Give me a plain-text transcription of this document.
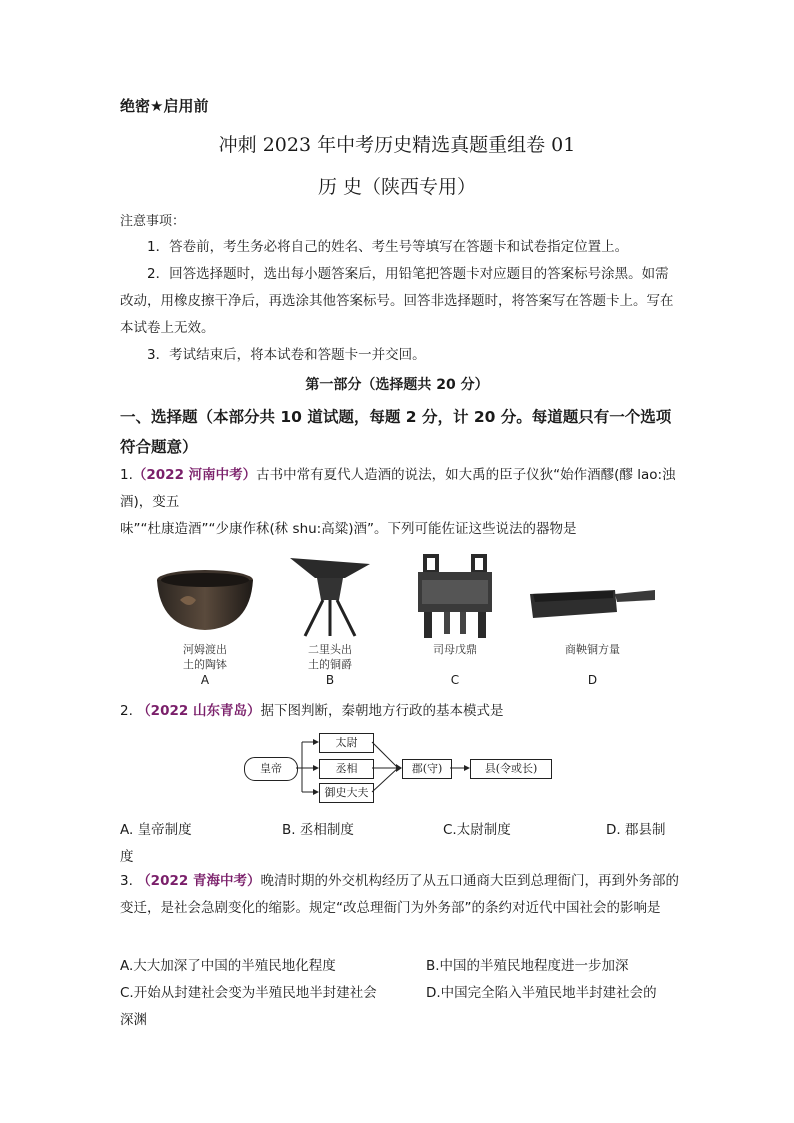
绝密★启用前
冲刺 2023 年中考历史精选真题重组卷 01
历 史（陕西专用）
注意事项：
1．答卷前，考生务必将自己的姓名、考生号等填写在答题卡和试卷指定位置上。
2．回答选择题时，选出每小题答案后，用铅笔把答题卡对应题目的答案标号涂黑。如需改动，用橡皮擦干净后，再选涂其他答案标号。回答非选择题时，将答案写在答题卡上。写在本试卷上无效。
3．考试结束后，将本试卷和答题卡一并交回。
第一部分（选择题共 20 分）
一、选择题（本部分共 10 道试题，每题 2 分，计 20 分。每道题只有一个选项符合题意）
1.（2022 河南中考）古书中常有夏代人造酒的说法，如大禹的臣子仪狄“始作酒醪(醪 lao:浊酒)，变五
味”“杜康造酒”“少康作秫(秫 shu:高粱)酒”。下列可能佐证这些说法的器物是
河姆渡出
土的陶钵
A
二里头出
土的铜爵
B
司母戊鼎
C
商鞅铜方量
D
2. （2022 山东青岛）据下图判断，秦朝地方行政的基本模式是
皇帝
太尉
丞相
御史大夫
郡(守)	县(令或长)
A. 皇帝制度	B. 丞相制度	C.太尉制度	D. 郡县制
度
3. （2022 青海中考）晚清时期的外交机构经历了从五口通商大臣到总理衙门，再到外务部的变迁，是社会急剧变化的缩影。规定“改总理衙门为外务部”的条约对近代中国社会的影响是
A.大大加深了中国的半殖民地化程度	B.中国的半殖民地程度进一步加深
C.开始从封建社会变为半殖民地半封建社会	D.中国完全陷入半殖民地半封建社会的
深渊
